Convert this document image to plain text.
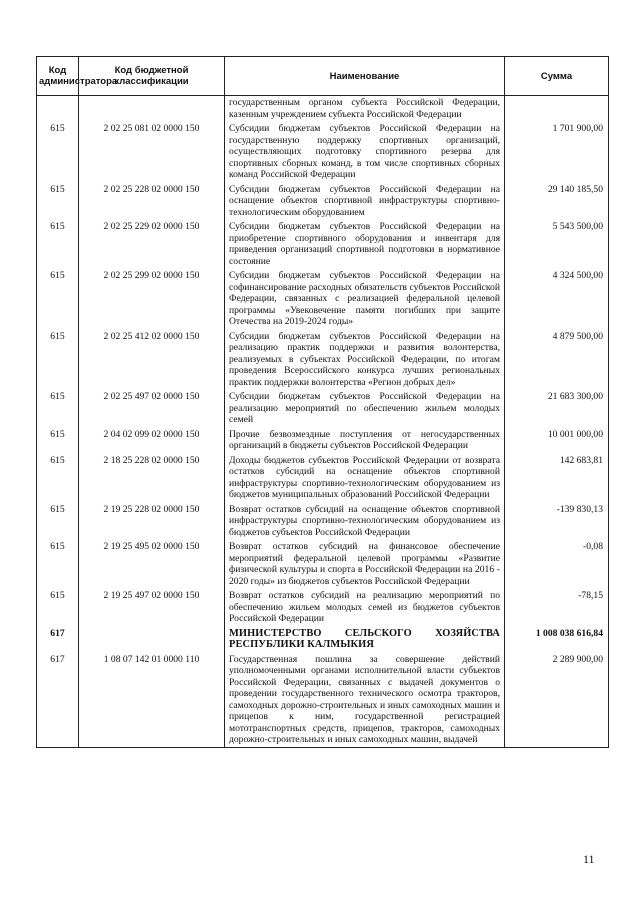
Код администратора	Код бюджетной классификации	Наименование	Сумма
		государственным органом субъекта Российской Федерации, казенным учреждением субъекта Российской Федерации	
615	2 02 25 081 02 0000 150	Субсидии бюджетам субъектов Российской Федерации на государственную поддержку спортивных организаций, осуществляющих подготовку спортивного резерва для спортивных сборных команд, в том числе спортивных сборных команд Российской Федерации	1 701 900,00
615	2 02 25 228 02 0000 150	Субсидии бюджетам субъектов Российской Федерации на оснащение объектов спортивной инфраструктуры спортивно-технологическим оборудованием	29 140 185,50
615	2 02 25 229 02 0000 150	Субсидии бюджетам субъектов Российской Федерации на приобретение спортивного оборудования и инвентаря для приведения организаций спортивной подготовки в нормативное состояние	5 543 500,00
615	2 02 25 299 02 0000 150	Субсидии бюджетам субъектов Российской Федерации на софинансирование расходных обязательств субъектов Российской Федерации, связанных с реализацией федеральной целевой программы «Увековечение памяти погибших при защите Отечества на 2019-2024 годы»	4 324 500,00
615	2 02 25 412 02 0000 150	Субсидии бюджетам субъектов Российской Федерации на реализацию практик поддержки и развития волонтерства, реализуемых в субъектах Российской Федерации, по итогам проведения Всероссийского конкурса лучших региональных практик поддержки волонтерства «Регион добрых дел»	4 879 500,00
615	2 02 25 497 02 0000 150	Субсидии бюджетам субъектов Российской Федерации на реализацию мероприятий по обеспечению жильем молодых семей	21 683 300,00
615	2 04 02 099 02 0000 150	Прочие безвозмездные поступления от негосударственных организаций в бюджеты субъектов Российской Федерации	10 001 000,00
615	2 18 25 228 02 0000 150	Доходы бюджетов субъектов Российской Федерации от возврата остатков субсидий на оснащение объектов спортивной инфраструктуры спортивно-технологическим оборудованием из бюджетов муниципальных образований Российской Федерации	142 683,81
615	2 19 25 228 02 0000 150	Возврат остатков субсидий на оснащение объектов спортивной инфраструктуры спортивно-технологическим оборудованием из бюджетов субъектов Российской Федерации	-139 830,13
615	2 19 25 495 02 0000 150	Возврат остатков субсидий на финансовое обеспечение мероприятий федеральной целевой программы «Развитие физической культуры и спорта в Российской Федерации на 2016 - 2020 годы» из бюджетов субъектов Российской Федерации	-0,08
615	2 19 25 497 02 0000 150	Возврат остатков субсидий на реализацию мероприятий по обеспечению жильем молодых семей из бюджетов субъектов Российской Федерации	-78,15
617		МИНИСТЕРСТВО СЕЛЬСКОГО ХОЗЯЙСТВА РЕСПУБЛИКИ КАЛМЫКИЯ	1 008 038 616,84
617	1 08 07 142 01 0000 110	Государственная пошлина за совершение действий уполномоченными органами исполнительной власти субъектов Российской Федерации, связанных с выдачей документов о проведении государственного технического осмотра тракторов, самоходных дорожно-строительных и иных самоходных машин и прицепов к ним, государственной регистрацией мототранспортных средств, прицепов, тракторов, самоходных дорожно-строительных и иных самоходных машин, выдачей	2 289 900,00
11
